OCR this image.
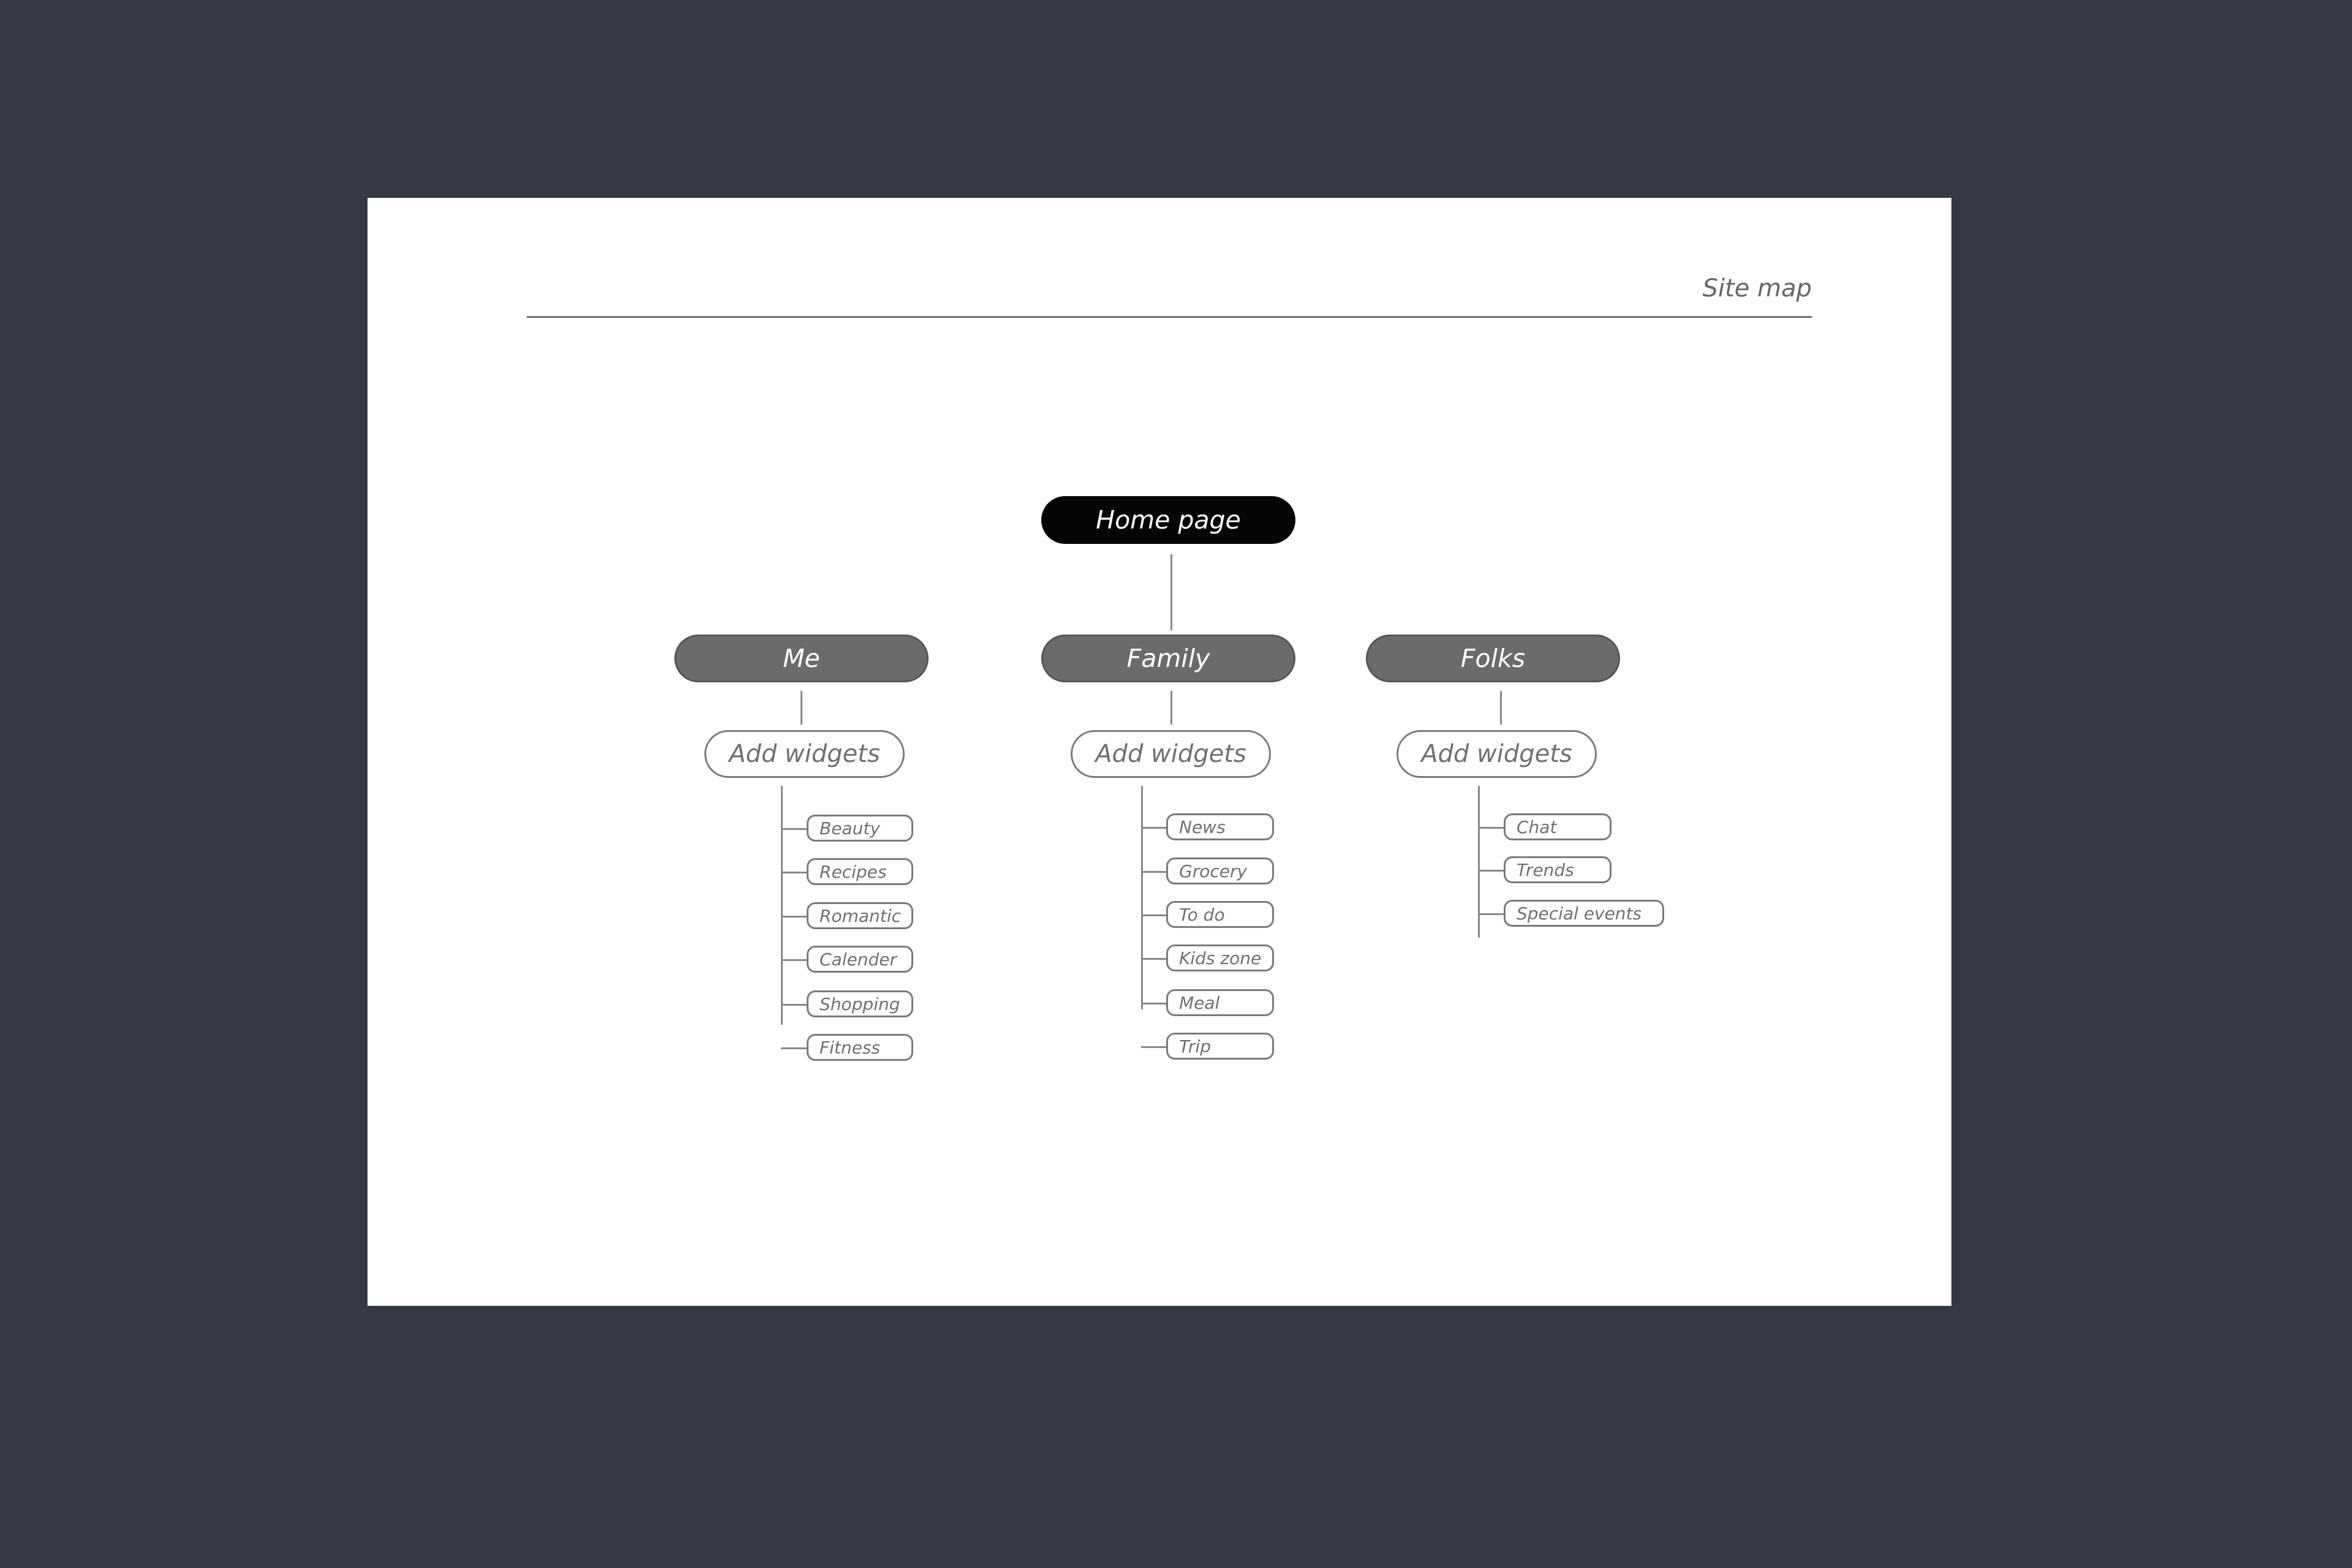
Site map
Home page
Me
Add widgets
Beauty
Recipes
Romantic
Calender
Shopping
Fitness
Family
Add widgets
News
Grocery
To do
Kids zone
Meal
Trip
Folks
Add widgets
Chat
Trends
Special events
